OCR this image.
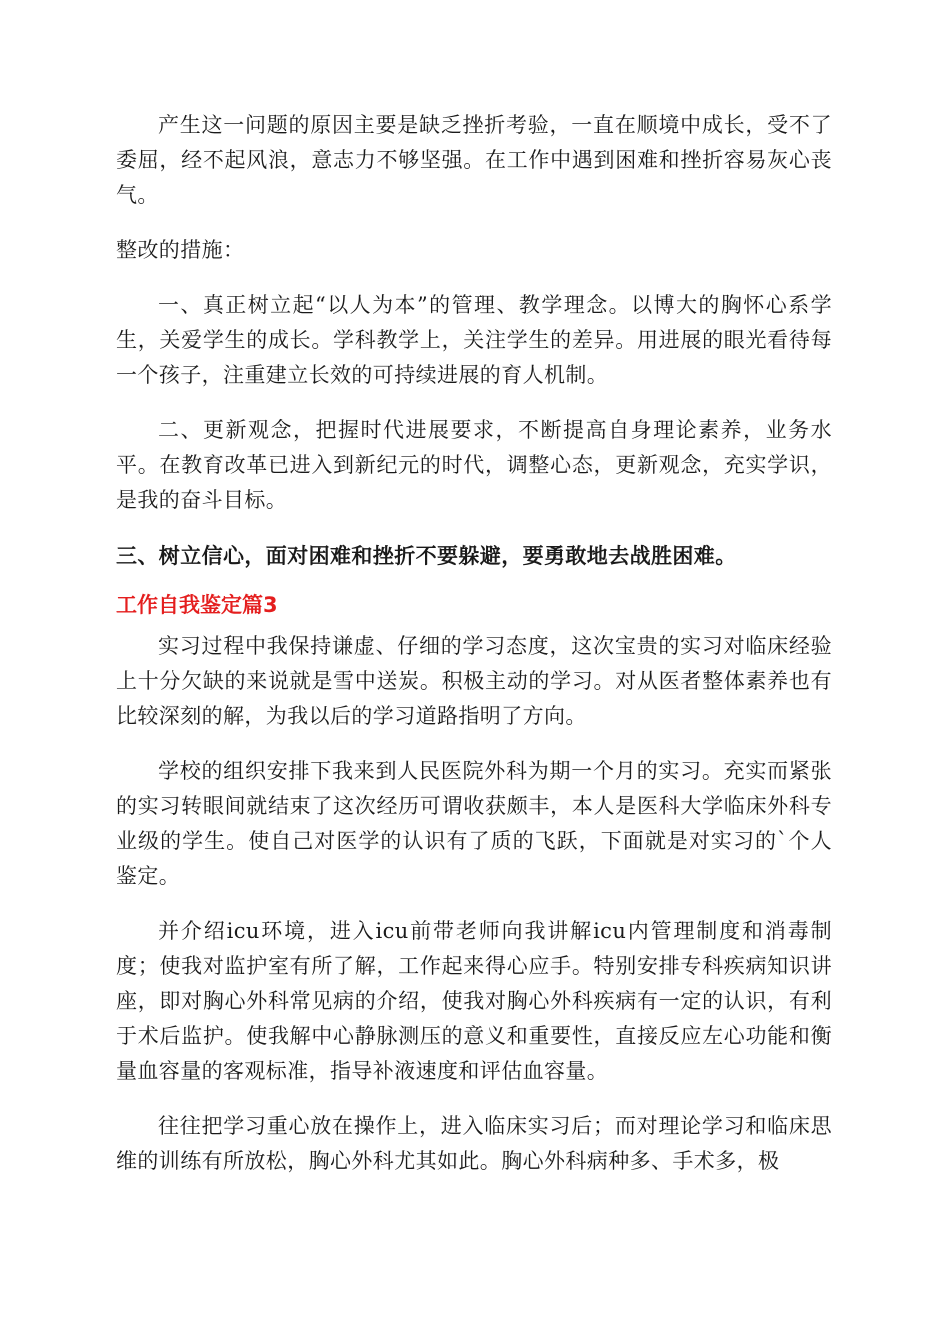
产生这一问题的原因主要是缺乏挫折考验，一直在顺境中成长，受不了委屈，经不起风浪，意志力不够坚强。在工作中遇到困难和挫折容易灰心丧气。

整改的措施：

一、真正树立起“以人为本”的管理、教学理念。以博大的胸怀心系学生，关爱学生的成长。学科教学上，关注学生的差异。用进展的眼光看待每一个孩子，注重建立长效的可持续进展的育人机制。

二、更新观念，把握时代进展要求，不断提高自身理论素养，业务水平。在教育改革已进入到新纪元的时代，调整心态，更新观念，充实学识，是我的奋斗目标。

三、树立信心，面对困难和挫折不要躲避，要勇敢地去战胜困难。

工作自我鉴定篇3

实习过程中我保持谦虚、仔细的学习态度，这次宝贵的实习对临床经验上十分欠缺的来说就是雪中送炭。积极主动的学习。对从医者整体素养也有比较深刻的解，为我以后的学习道路指明了方向。

学校的组织安排下我来到人民医院外科为期一个月的实习。充实而紧张的实习转眼间就结束了这次经历可谓收获颇丰，本人是医科大学临床外科专业级的学生。使自己对医学的认识有了质的飞跃，下面就是对实习的`个人鉴定。

并介绍icu环境，进入icu前带老师向我讲解icu内管理制度和消毒制度；使我对监护室有所了解，工作起来得心应手。特别安排专科疾病知识讲座，即对胸心外科常见病的介绍，使我对胸心外科疾病有一定的认识，有利于术后监护。使我解中心静脉测压的意义和重要性，直接反应左心功能和衡量血容量的客观标准，指导补液速度和评估血容量。

往往把学习重心放在操作上，进入临床实习后；而对理论学习和临床思维的训练有所放松，胸心外科尤其如此。胸心外科病种多、手术多，极
